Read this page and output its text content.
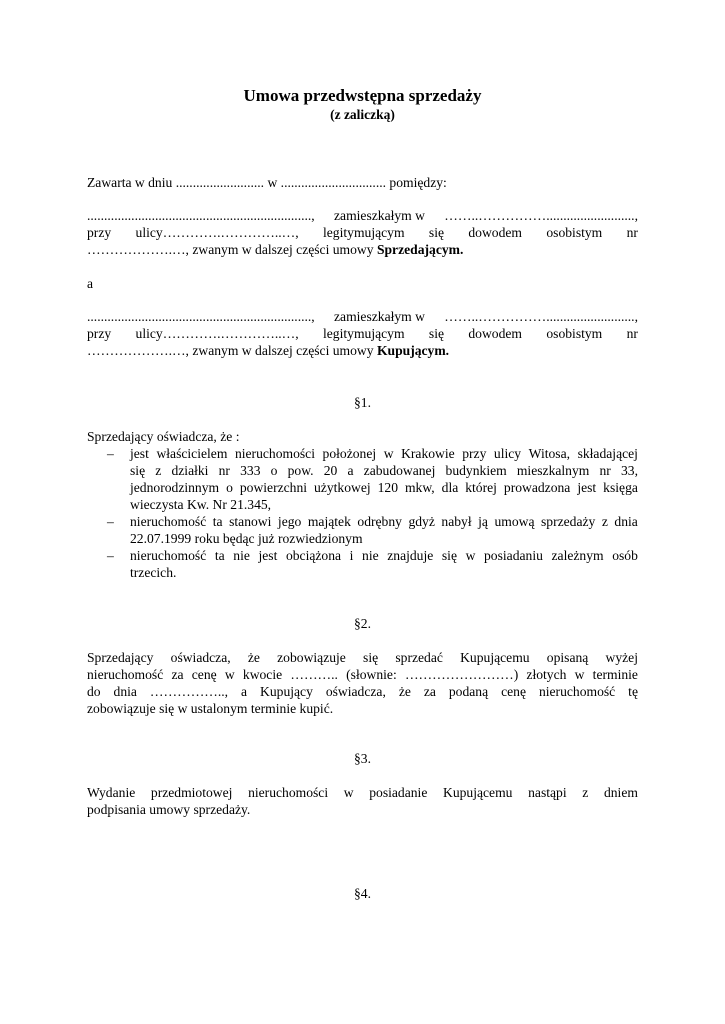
Umowa przedwstępna sprzedaży
(z zaliczką)
Zawarta w dniu .......................... w ............................... pomiędzy:
.................................................................., zamieszkałym w ……..……………..........................,
przy ulicy………….…………..…, legitymującym się dowodem osobistym nr
……………….…, zwanym w dalszej części umowy Sprzedającym.
a
.................................................................., zamieszkałym w ……..……………..........................,
przy ulicy………….…………..…, legitymującym się dowodem osobistym nr
……………….…, zwanym w dalszej części umowy Kupującym.
§1.
Sprzedający oświadcza, że :
– jest właścicielem nieruchomości położonej w Krakowie przy ulicy Witosa, składającej
się z działki nr 333 o pow. 20 a zabudowanej budynkiem mieszkalnym nr 33,
jednorodzinnym o powierzchni użytkowej 120 mkw, dla której prowadzona jest księga
wieczysta Kw. Nr 21.345,
– nieruchomość ta stanowi jego majątek odrębny gdyż nabył ją umową sprzedaży z dnia
22.07.1999 roku będąc już rozwiedzionym
– nieruchomość ta nie jest obciążona i nie znajduje się w posiadaniu zależnym osób
trzecich.
§2.
Sprzedający oświadcza, że zobowiązuje się sprzedać Kupującemu opisaną wyżej
nieruchomość za cenę w kwocie ……….. (słownie: ……………………) złotych w terminie
do dnia …………….., a Kupujący oświadcza, że za podaną cenę nieruchomość tę
zobowiązuje się w ustalonym terminie kupić.
§3.
Wydanie przedmiotowej nieruchomości w posiadanie Kupującemu nastąpi z dniem
podpisania umowy sprzedaży.
§4.
